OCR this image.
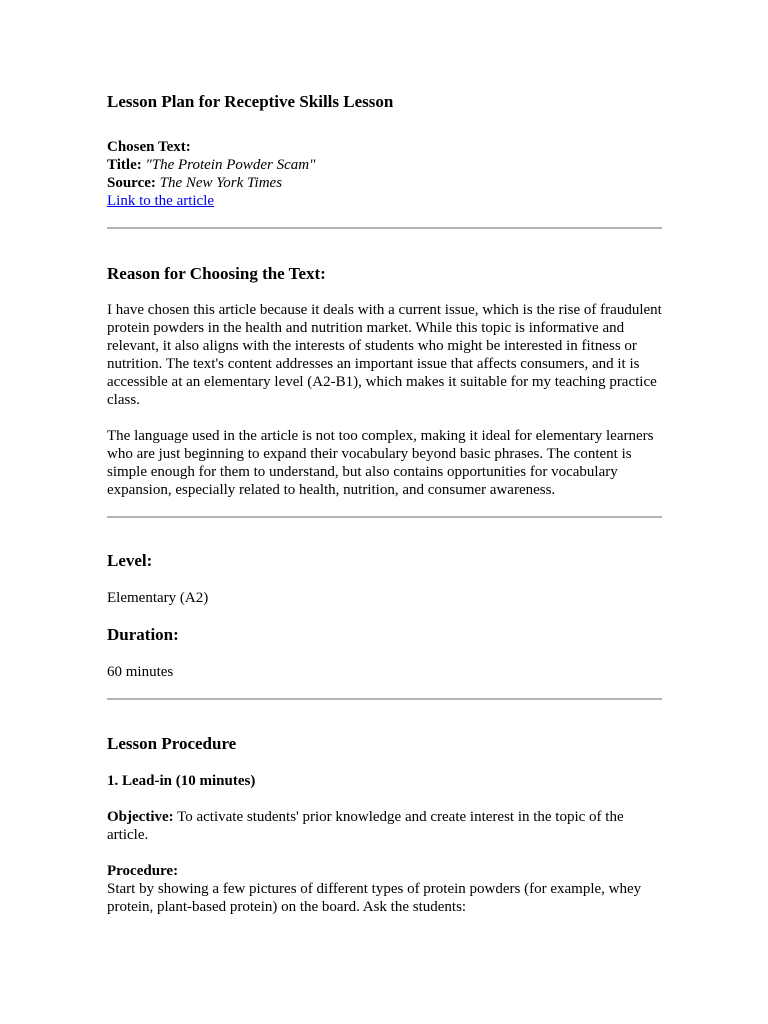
Lesson Plan for Receptive Skills Lesson

Chosen Text:

Title: "The Protein Powder Scam"

Source: The New York Times

Link to the article

Reason for Choosing the Text:

I have chosen this article because it deals with a current issue, which is the rise of fraudulent protein powders in the health and nutrition market. While this topic is informative and relevant, it also aligns with the interests of students who might be interested in fitness or nutrition. The text's content addresses an important issue that affects consumers, and it is accessible at an elementary level (A2-B1), which makes it suitable for my teaching practice class.

The language used in the article is not too complex, making it ideal for elementary learners who are just beginning to expand their vocabulary beyond basic phrases. The content is simple enough for them to understand, but also contains opportunities for vocabulary expansion, especially related to health, nutrition, and consumer awareness.

Level:

Elementary (A2)

Duration:

60 minutes

Lesson Procedure
1. Lead-in (10 minutes)

Objective: To activate students' prior knowledge and create interest in the topic of the article.

Procedure:

Start by showing a few pictures of different types of protein powders (for example, whey protein, plant-based protein) on the board. Ask the students:
